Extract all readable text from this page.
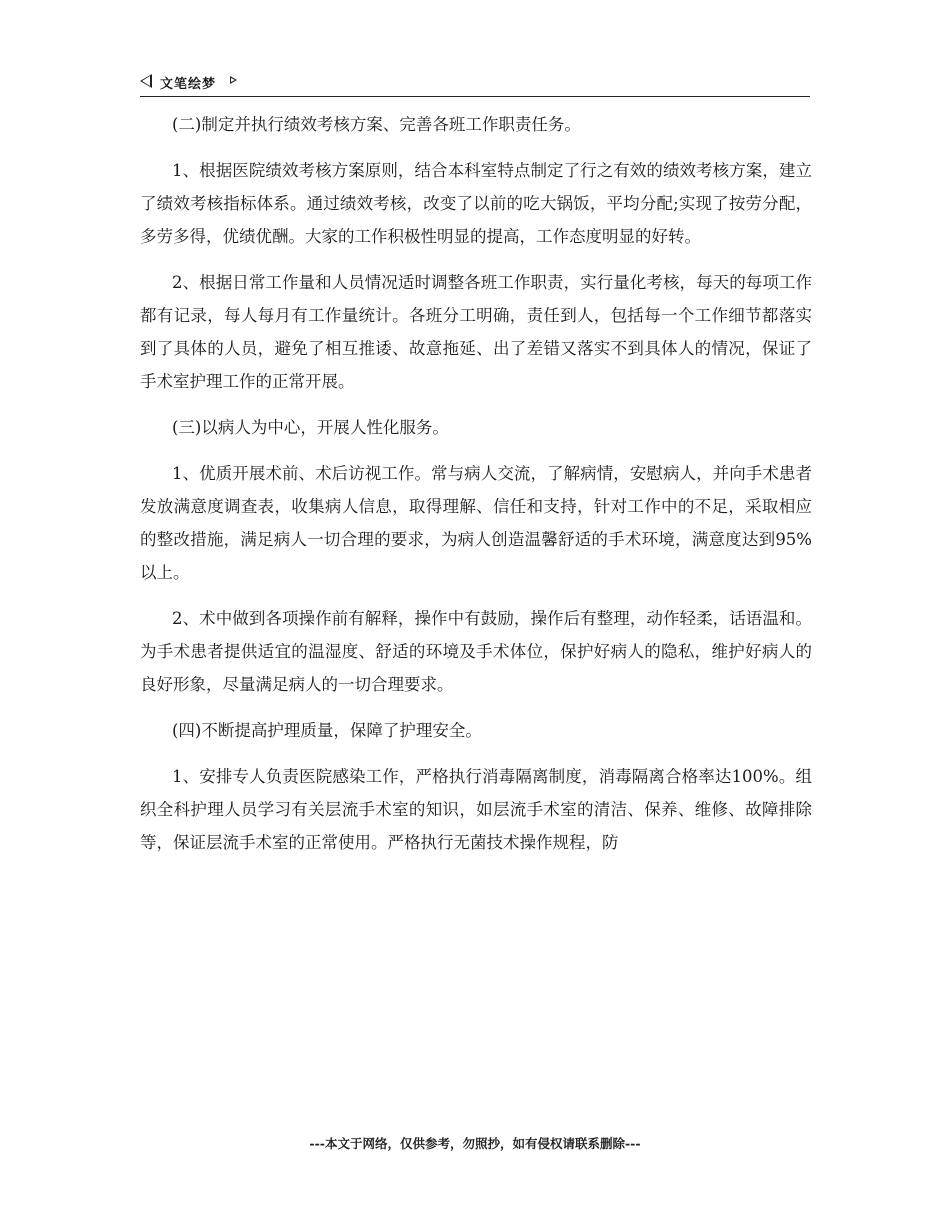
文笔绘梦

(二)制定并执行绩效考核方案、完善各班工作职责任务。

1、根据医院绩效考核方案原则，结合本科室特点制定了行之有效的绩效考核方案，建立了绩效考核指标体系。通过绩效考核，改变了以前的吃大锅饭，平均分配;实现了按劳分配，多劳多得，优绩优酬。大家的工作积极性明显的提高，工作态度明显的好转。

2、根据日常工作量和人员情况适时调整各班工作职责，实行量化考核，每天的每项工作都有记录，每人每月有工作量统计。各班分工明确，责任到人，包括每一个工作细节都落实到了具体的人员，避免了相互推诿、故意拖延、出了差错又落实不到具体人的情况，保证了手术室护理工作的正常开展。

(三)以病人为中心，开展人性化服务。

1、优质开展术前、术后访视工作。常与病人交流，了解病情，安慰病人，并向手术患者发放满意度调查表，收集病人信息，取得理解、信任和支持，针对工作中的不足，采取相应的整改措施，满足病人一切合理的要求，为病人创造温馨舒适的手术环境，满意度达到95%以上。

2、术中做到各项操作前有解释，操作中有鼓励，操作后有整理，动作轻柔，话语温和。为手术患者提供适宜的温湿度、舒适的环境及手术体位，保护好病人的隐私，维护好病人的良好形象，尽量满足病人的一切合理要求。

(四)不断提高护理质量，保障了护理安全。

1、安排专人负责医院感染工作，严格执行消毒隔离制度，消毒隔离合格率达100%。组织全科护理人员学习有关层流手术室的知识，如层流手术室的清洁、保养、维修、故障排除等，保证层流手术室的正常使用。严格执行无菌技术操作规程，防

---本文于网络，仅供参考，勿照抄，如有侵权请联系删除---
